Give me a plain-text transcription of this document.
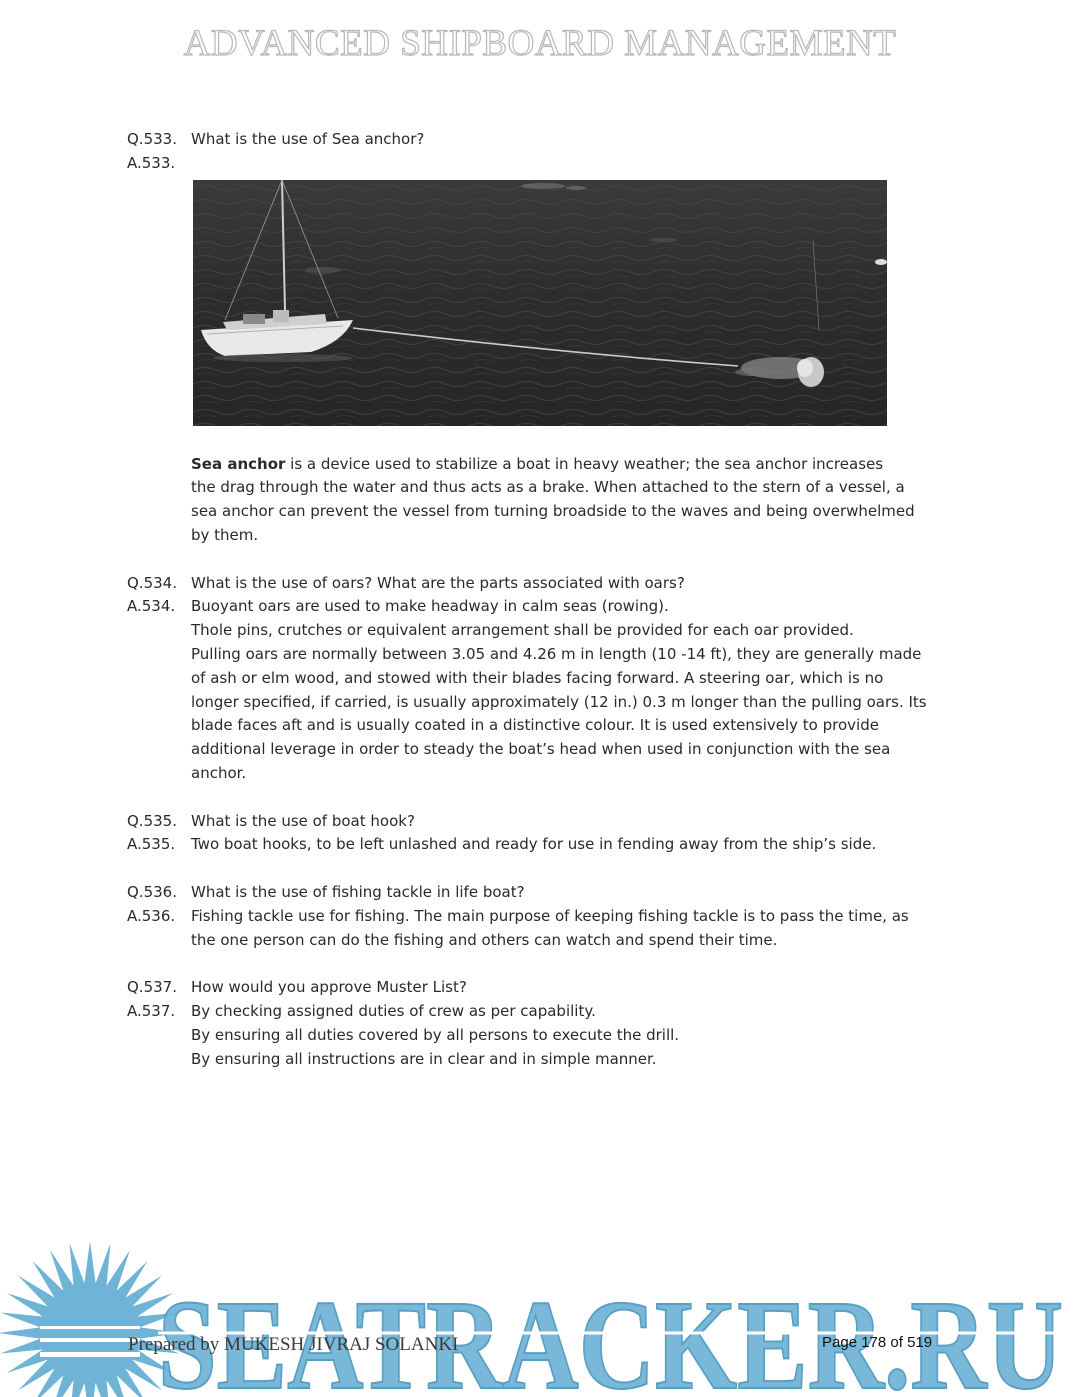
ADVANCED SHIPBOARD MANAGEMENT
Q.533. What is the use of Sea anchor?
A.533.
Sea anchor is a device used to stabilize a boat in heavy weather; the sea anchor increases
the drag through the water and thus acts as a brake. When attached to the stern of a vessel, a
sea anchor can prevent the vessel from turning broadside to the waves and being overwhelmed
by them.
Q.534. What is the use of oars? What are the parts associated with oars?
A.534.	Buoyant oars are used to make headway in calm seas (rowing).
Thole pins, crutches or equivalent arrangement shall be provided for each oar provided.
Pulling oars are normally between 3.05 and 4.26 m in length (10 -14 ft), they are generally made
of ash or elm wood, and stowed with their blades facing forward. A steering oar, which is no
longer specified, if carried, is usually approximately (12 in.) 0.3 m longer than the pulling oars. Its
blade faces aft and is usually coated in a distinctive colour. It is used extensively to provide
additional leverage in order to steady the boat’s head when used in conjunction with the sea
anchor.
Q.535. What is the use of boat hook?
A.535.	Two boat hooks, to be left unlashed and ready for use in fending away from the ship’s side.
Q.536. What is the use of fishing tackle in life boat?
A.536.	Fishing tackle use for fishing. The main purpose of keeping fishing tackle is to pass the time, as
the one person can do the fishing and others can watch and spend their time.
Q.537. How would you approve Muster List?
A.537.	By checking assigned duties of crew as per capability.
By ensuring all duties covered by all persons to execute the drill.
By ensuring all instructions are in clear and in simple manner.
SEATRACKER.RU
Prepared by MUKESH JIVRAJ SOLANKI	Page 178 of 519
